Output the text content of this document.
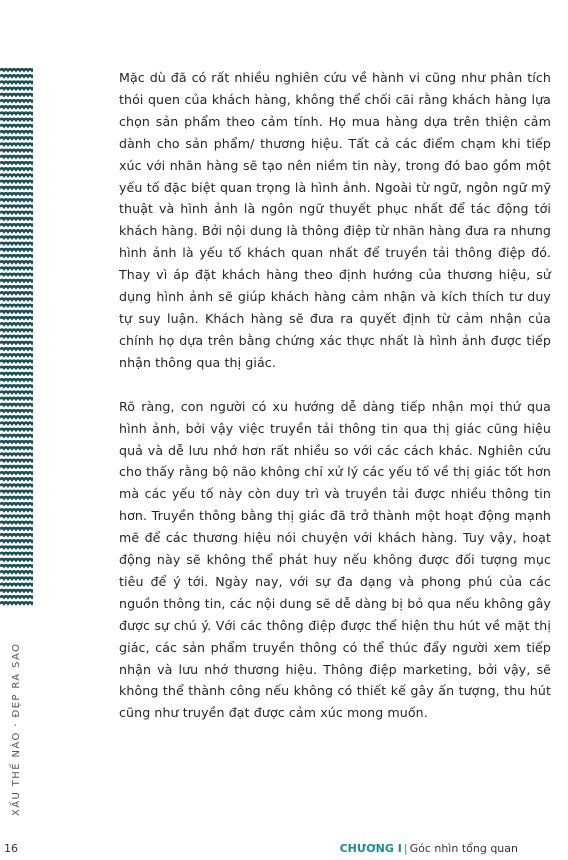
XẤU THẾ NÀO · ĐẸP RA SAO

Mặc dù đã có rất nhiều nghiên cứu về hành vi cũng như phân tích thói quen của khách hàng, không thể chối cãi rằng khách hàng lựa chọn sản phẩm theo cảm tính. Họ mua hàng dựa trên thiện cảm dành cho sản phẩm/ thương hiệu. Tất cả các điểm chạm khi tiếp xúc với nhãn hàng sẽ tạo nên niềm tin này, trong đó bao gồm một yếu tố đặc biệt quan trọng là hình ảnh. Ngoài từ ngữ, ngôn ngữ mỹ thuật và hình ảnh là ngôn ngữ thuyết phục nhất để tác động tới khách hàng. Bởi nội dung là thông điệp từ nhãn hàng đưa ra nhưng hình ảnh là yếu tố khách quan nhất để truyền tải thông điệp đó. Thay vì áp đặt khách hàng theo định hướng của thương hiệu, sử dụng hình ảnh sẽ giúp khách hàng cảm nhận và kích thích tư duy tự suy luận. Khách hàng sẽ đưa ra quyết định từ cảm nhận của chính họ dựa trên bằng chứng xác thực nhất là hình ảnh được tiếp nhận thông qua thị giác.

Rõ ràng, con người có xu hướng dễ dàng tiếp nhận mọi thứ qua hình ảnh, bởi vậy việc truyền tải thông tin qua thị giác cũng hiệu quả và dễ lưu nhớ hơn rất nhiều so với các cách khác. Nghiên cứu cho thấy rằng bộ não không chỉ xử lý các yếu tố về thị giác tốt hơn mà các yếu tố này còn duy trì và truyền tải được nhiều thông tin hơn. Truyền thông bằng thị giác đã trở thành một hoạt động mạnh mẽ để các thương hiệu nói chuyện với khách hàng. Tuy vậy, hoạt động này sẽ không thể phát huy nếu không được đối tượng mục tiêu để ý tới. Ngày nay, với sự đa dạng và phong phú của các nguồn thông tin, các nội dung sẽ dễ dàng bị bỏ qua nếu không gây được sự chú ý. Với các thông điệp được thể hiện thu hút về mặt thị giác, các sản phẩm truyền thông có thể thúc đẩy người xem tiếp nhận và lưu nhớ thương hiệu. Thông điệp marketing, bởi vậy, sẽ không thể thành công nếu không có thiết kế gây ấn tượng, thu hút cũng như truyền đạt được cảm xúc mong muốn.

16	CHƯƠNG I | Góc nhìn tổng quan
